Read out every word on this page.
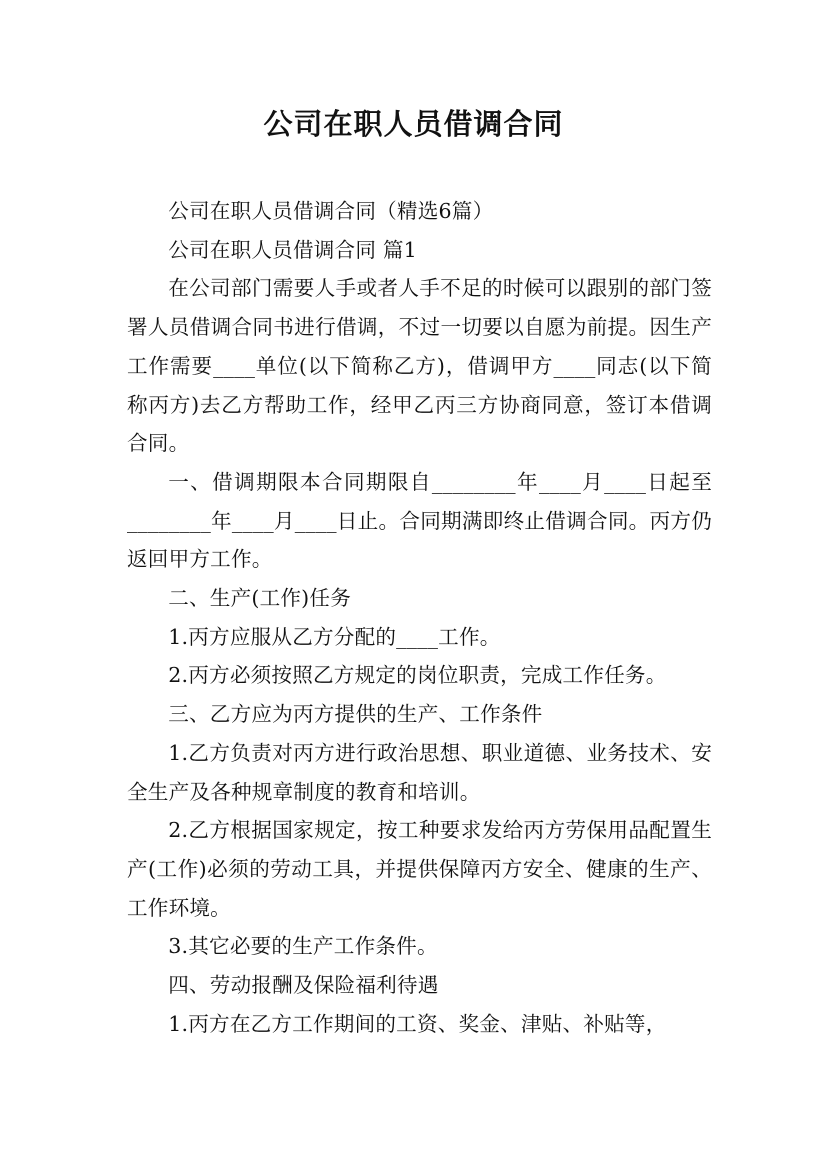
公司在职人员借调合同

公司在职人员借调合同（精选6篇）

公司在职人员借调合同 篇1

在公司部门需要人手或者人手不足的时候可以跟别的部门签署人员借调合同书进行借调，不过一切要以自愿为前提。因生产工作需要____单位(以下简称乙方)，借调甲方____同志(以下简称丙方)去乙方帮助工作，经甲乙丙三方协商同意，签订本借调合同。

一、借调期限本合同期限自________年____月____日起至________年____月____日止。合同期满即终止借调合同。丙方仍返回甲方工作。

二、生产(工作)任务

1.丙方应服从乙方分配的____工作。

2.丙方必须按照乙方规定的岗位职责，完成工作任务。

三、乙方应为丙方提供的生产、工作条件

1.乙方负责对丙方进行政治思想、职业道德、业务技术、安全生产及各种规章制度的教育和培训。

2.乙方根据国家规定，按工种要求发给丙方劳保用品配置生产(工作)必须的劳动工具，并提供保障丙方安全、健康的生产、工作环境。

3.其它必要的生产工作条件。

四、劳动报酬及保险福利待遇

1.丙方在乙方工作期间的工资、奖金、津贴、补贴等，
